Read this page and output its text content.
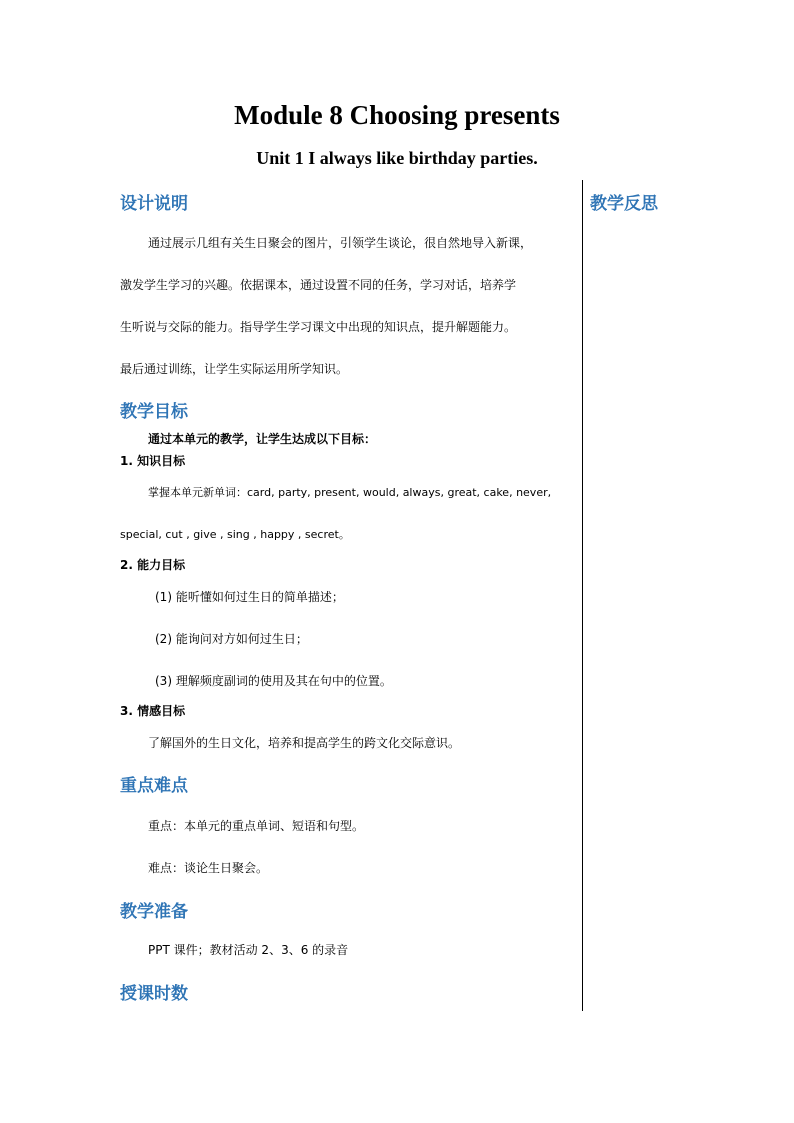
Module 8 Choosing presents
Unit 1 I always like birthday parties.
设计说明
通过展示几组有关生日聚会的图片，引领学生谈论，很自然地导入新课，
激发学生学习的兴趣。依据课本，通过设置不同的任务，学习对话，培养学
生听说与交际的能力。指导学生学习课文中出现的知识点，提升解题能力。
最后通过训练，让学生实际运用所学知识。
教学目标
通过本单元的教学，让学生达成以下目标：
1. 知识目标
掌握本单元新单词：card, party, present, would, always, great, cake, never,
special, cut , give , sing , happy , secret。
2. 能力目标
(1) 能听懂如何过生日的简单描述；
(2) 能询问对方如何过生日；
(3) 理解频度副词的使用及其在句中的位置。
3. 情感目标
了解国外的生日文化，培养和提高学生的跨文化交际意识。
重点难点
重点：本单元的重点单词、短语和句型。
难点：谈论生日聚会。
教学准备
PPT 课件；教材活动 2、3、6 的录音
授课时数
教学反思
